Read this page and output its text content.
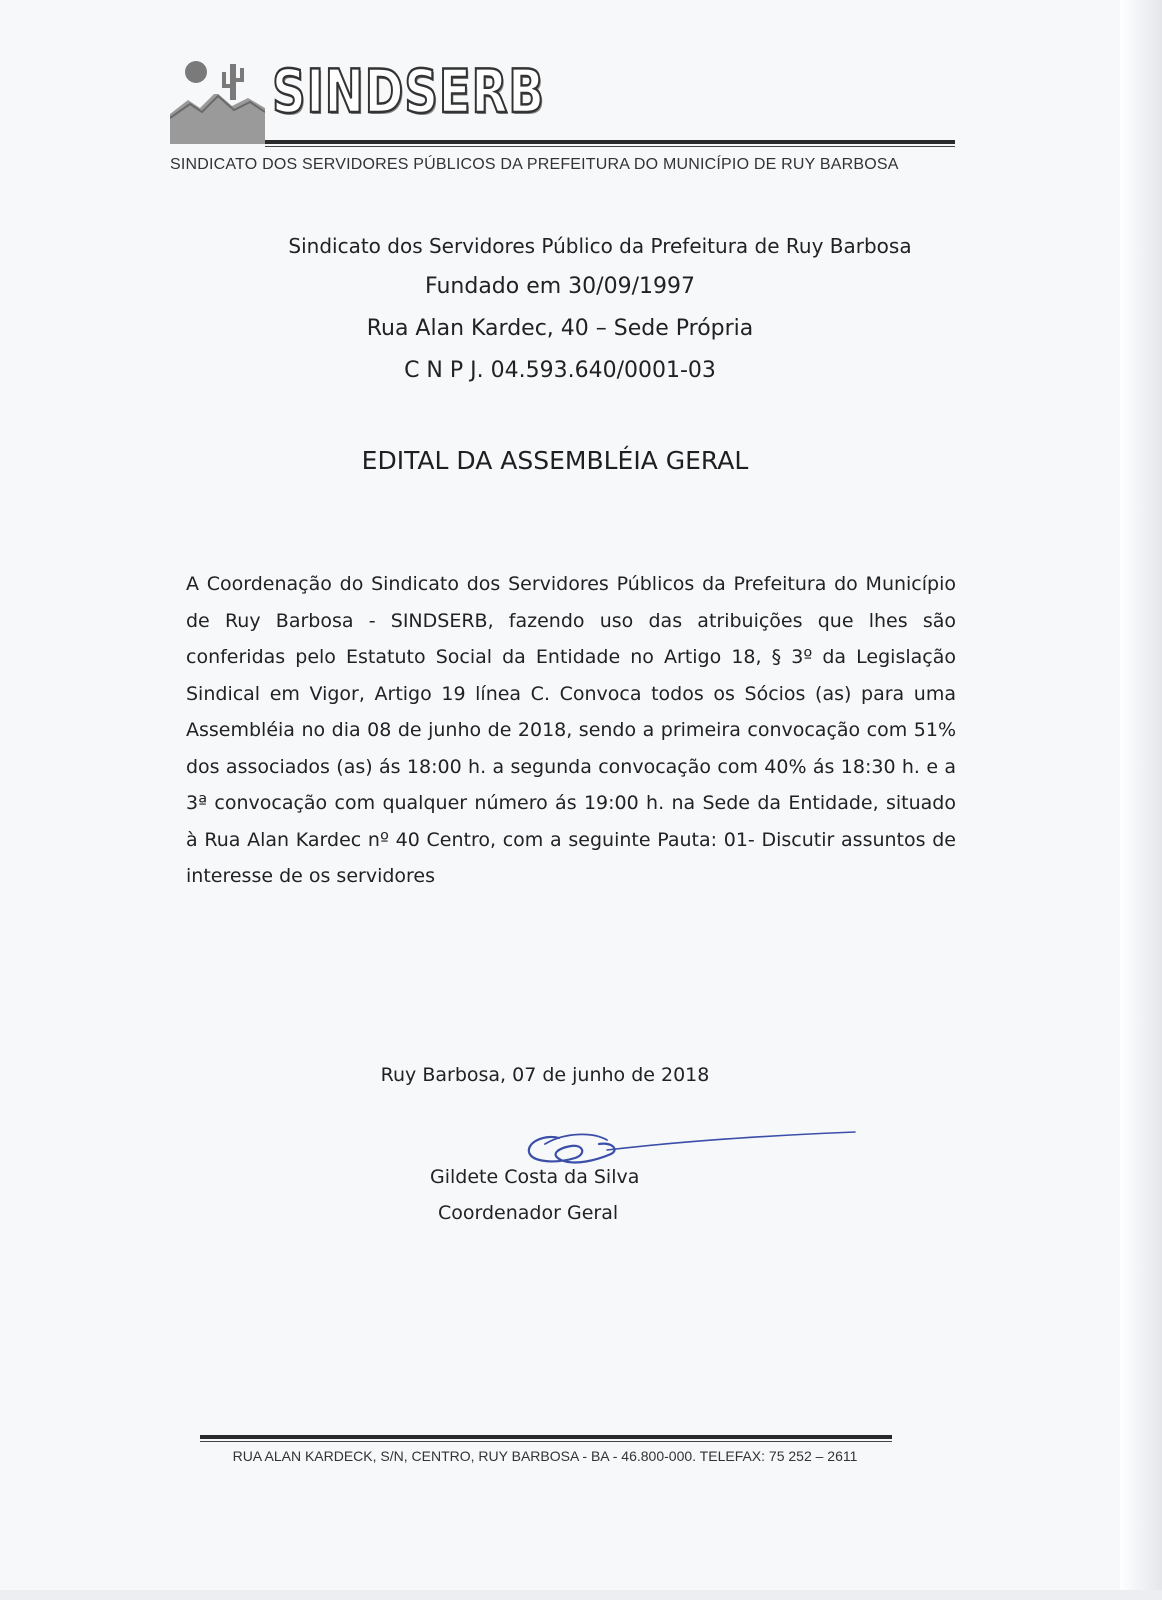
SINDSERB
SINDICATO DOS SERVIDORES PÚBLICOS DA PREFEITURA DO MUNICÍPIO DE RUY BARBOSA
Sindicato dos Servidores Público da Prefeitura de Ruy Barbosa
Fundado em 30/09/1997
Rua Alan Kardec, 40 – Sede Própria
C N P J. 04.593.640/0001-03
EDITAL DA ASSEMBLÉIA GERAL
A Coordenação do Sindicato dos Servidores Públicos da Prefeitura do Município de Ruy Barbosa - SINDSERB, fazendo uso das atribuições que lhes são conferidas pelo Estatuto Social da Entidade no Artigo 18, § 3º da Legislação Sindical em Vigor, Artigo 19 línea C. Convoca todos os Sócios (as) para uma Assembléia no dia 08 de junho de 2018, sendo a primeira convocação com 51% dos associados (as) ás 18:00 h. a segunda convocação com 40% ás 18:30 h. e a 3ª convocação com qualquer número ás 19:00 h. na Sede da Entidade, situado à Rua Alan Kardec nº 40 Centro, com a seguinte Pauta: 01- Discutir assuntos de interesse de os servidores
Ruy Barbosa, 07 de junho de 2018
Gildete Costa da Silva
Coordenador Geral
RUA ALAN KARDECK, S/N, CENTRO, RUY BARBOSA - BA - 46.800-000. TELEFAX: 75 252 – 2611
